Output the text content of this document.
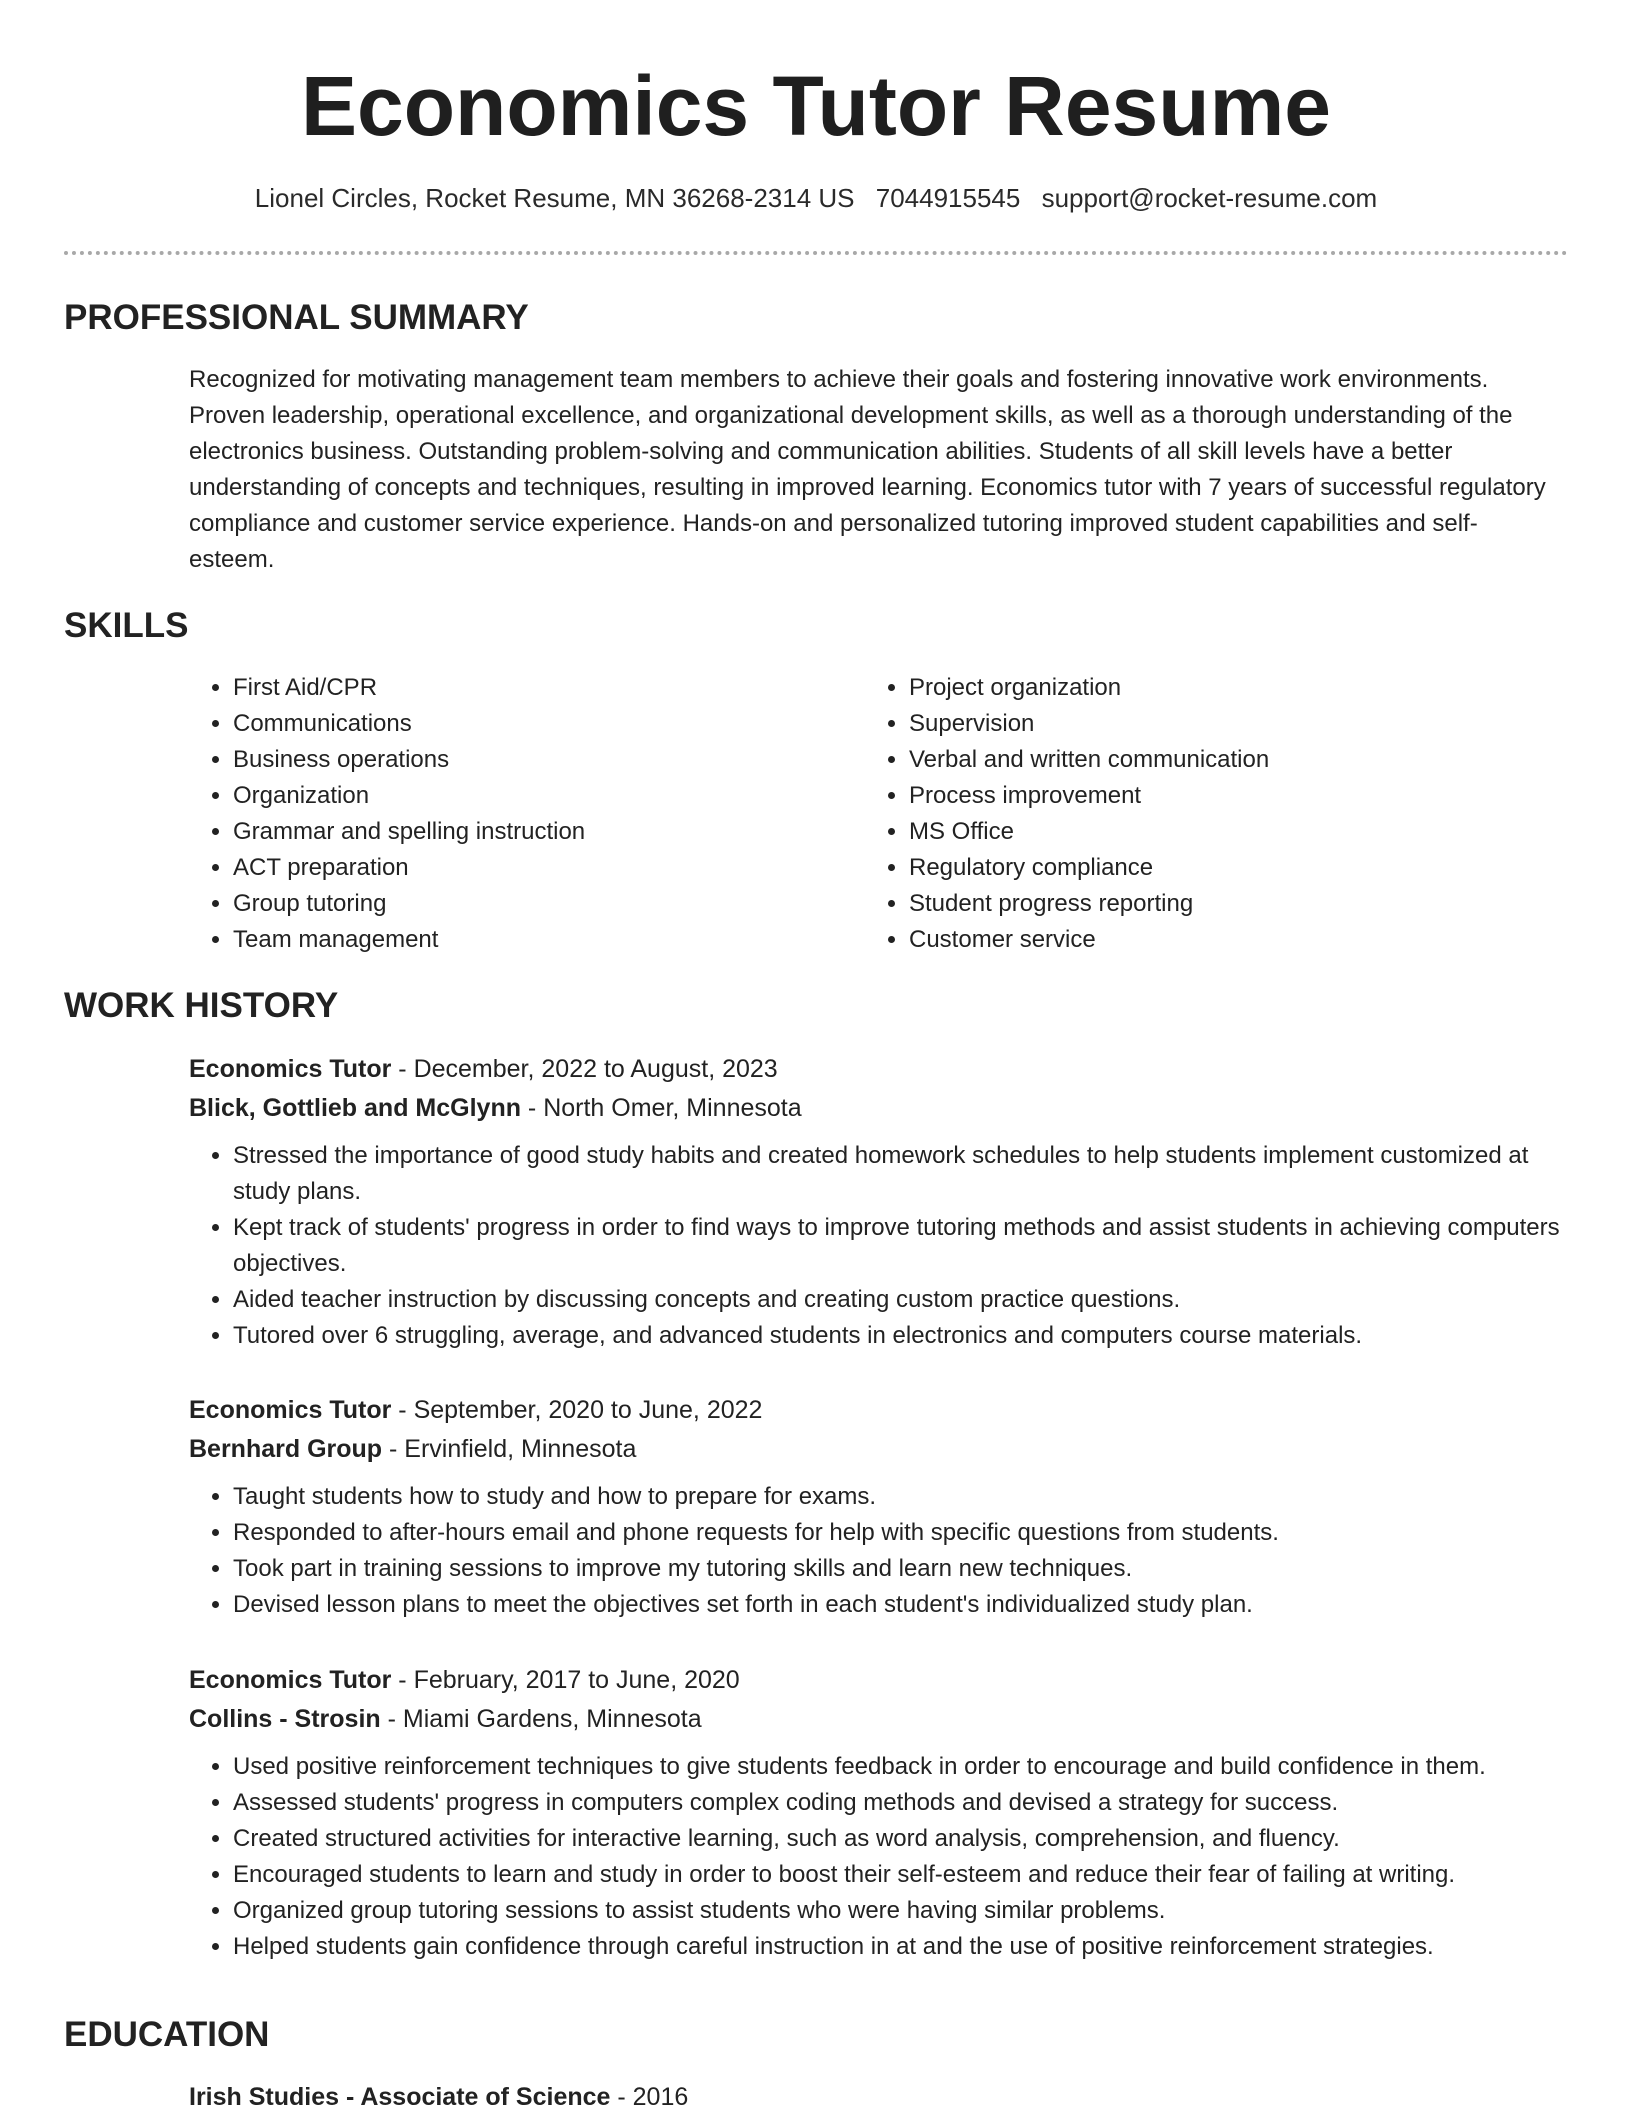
Economics Tutor Resume
Lionel Circles, Rocket Resume, MN 36268-2314 US 7044915545 support@rocket-resume.com
PROFESSIONAL SUMMARY

Recognized for motivating management team members to achieve their goals and fostering innovative work environments. Proven leadership, operational excellence, and organizational development skills, as well as a thorough understanding of the electronics business. Outstanding problem-solving and communication abilities. Students of all skill levels have a better understanding of concepts and techniques, resulting in improved learning. Economics tutor with 7 years of successful regulatory compliance and customer service experience. Hands-on and personalized tutoring improved student capabilities and self-esteem.

SKILLS
• First Aid/CPR
• Communications
• Business operations
• Organization
• Grammar and spelling instruction
• ACT preparation
• Group tutoring
• Team management
• Project organization
• Supervision
• Verbal and written communication
• Process improvement
• MS Office
• Regulatory compliance
• Student progress reporting
• Customer service
WORK HISTORY
Economics Tutor - December, 2022 to August, 2023
Blick, Gottlieb and McGlynn - North Omer, Minnesota
• Stressed the importance of good study habits and created homework schedules to help students implement customized at study plans.
• Kept track of students' progress in order to find ways to improve tutoring methods and assist students in achieving computers objectives.
• Aided teacher instruction by discussing concepts and creating custom practice questions.
• Tutored over 6 struggling, average, and advanced students in electronics and computers course materials.
Economics Tutor - September, 2020 to June, 2022
Bernhard Group - Ervinfield, Minnesota
• Taught students how to study and how to prepare for exams.
• Responded to after-hours email and phone requests for help with specific questions from students.
• Took part in training sessions to improve my tutoring skills and learn new techniques.
• Devised lesson plans to meet the objectives set forth in each student's individualized study plan.
Economics Tutor - February, 2017 to June, 2020
Collins - Strosin - Miami Gardens, Minnesota
• Used positive reinforcement techniques to give students feedback in order to encourage and build confidence in them.
• Assessed students' progress in computers complex coding methods and devised a strategy for success.
• Created structured activities for interactive learning, such as word analysis, comprehension, and fluency.
• Encouraged students to learn and study in order to boost their self-esteem and reduce their fear of failing at writing.
• Organized group tutoring sessions to assist students who were having similar problems.
• Helped students gain confidence through careful instruction in at and the use of positive reinforcement strategies.
EDUCATION
Irish Studies - Associate of Science - 2016
